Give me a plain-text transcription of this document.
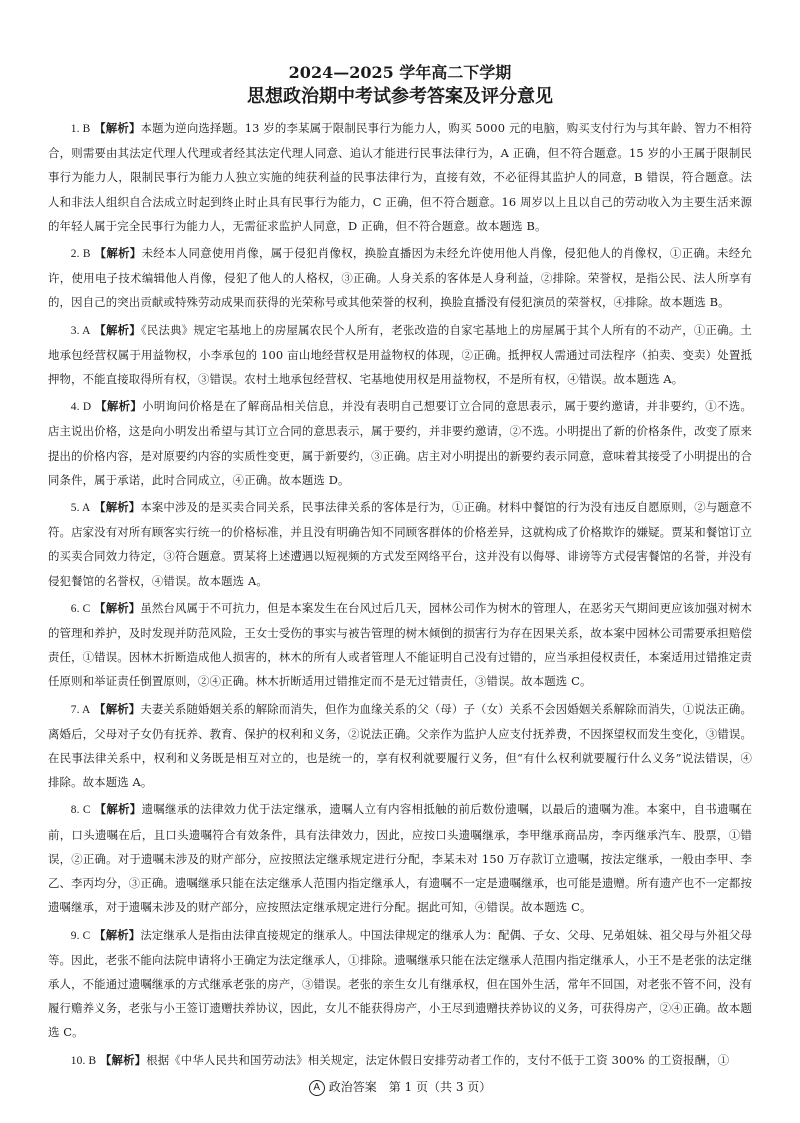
2024—2025 学年高二下学期

思想政治期中考试参考答案及评分意见

1. B 【解析】本题为逆向选择题。13 岁的李某属于限制民事行为能力人，购买 5000 元的电脑，购买支付行为与其年龄、智力不相符合，则需要由其法定代理人代理或者经其法定代理人同意、追认才能进行民事法律行为，A 正确，但不符合题意。15 岁的小王属于限制民事行为能力人，限制民事行为能力人独立实施的纯获利益的民事法律行为，直接有效，不必征得其监护人的同意，B 错误，符合题意。法人和非法人组织自合法成立时起到终止时止具有民事行为能力，C 正确，但不符合题意。16 周岁以上且以自己的劳动收入为主要生活来源的年轻人属于完全民事行为能力人，无需征求监护人同意，D 正确，但不符合题意。故本题选 B。

2. B 【解析】未经本人同意使用肖像，属于侵犯肖像权，换脸直播因为未经允许使用他人肖像，侵犯他人的肖像权，①正确。未经允许，使用电子技术编辑他人肖像，侵犯了他人的人格权，③正确。人身关系的客体是人身利益，②排除。荣誉权，是指公民、法人所享有的，因自己的突出贡献或特殊劳动成果而获得的光荣称号或其他荣誉的权利，换脸直播没有侵犯演员的荣誉权，④排除。故本题选 B。

3. A 【解析】《民法典》规定宅基地上的房屋属农民个人所有，老张改造的自家宅基地上的房屋属于其个人所有的不动产，①正确。土地承包经营权属于用益物权，小李承包的 100 亩山地经营权是用益物权的体现，②正确。抵押权人需通过司法程序（拍卖、变卖）处置抵押物，不能直接取得所有权，③错误。农村土地承包经营权、宅基地使用权是用益物权，不是所有权，④错误。故本题选 A。

4. D 【解析】小明询问价格是在了解商品相关信息，并没有表明自己想要订立合同的意思表示，属于要约邀请，并非要约，①不选。店主说出价格，这是向小明发出希望与其订立合同的意思表示，属于要约，并非要约邀请，②不选。小明提出了新的价格条件，改变了原来提出的价格内容，是对原要约内容的实质性变更，属于新要约，③正确。店主对小明提出的新要约表示同意，意味着其接受了小明提出的合同条件，属于承诺，此时合同成立，④正确。故本题选 D。

5. A 【解析】本案中涉及的是买卖合同关系，民事法律关系的客体是行为，①正确。材料中餐馆的行为没有违反自愿原则，②与题意不符。店家没有对所有顾客实行统一的价格标准，并且没有明确告知不同顾客群体的价格差异，这就构成了价格欺诈的嫌疑。贾某和餐馆订立的买卖合同效力待定，③符合题意。贾某将上述遭遇以短视频的方式发至网络平台，这并没有以侮辱、诽谤等方式侵害餐馆的名誉，并没有侵犯餐馆的名誉权，④错误。故本题选 A。

6. C 【解析】虽然台风属于不可抗力，但是本案发生在台风过后几天，园林公司作为树木的管理人，在恶劣天气期间更应该加强对树木的管理和养护，及时发现并防范风险，王女士受伤的事实与被告管理的树木倾倒的损害行为存在因果关系，故本案中园林公司需要承担赔偿责任，①错误。因林木折断造成他人损害的，林木的所有人或者管理人不能证明自己没有过错的，应当承担侵权责任，本案适用过错推定责任原则和举证责任倒置原则，②④正确。林木折断适用过错推定而不是无过错责任，③错误。故本题选 C。

7. A 【解析】夫妻关系随婚姻关系的解除而消失，但作为血缘关系的父（母）子（女）关系不会因婚姻关系解除而消失，①说法正确。离婚后，父母对子女仍有抚养、教育、保护的权利和义务，②说法正确。父亲作为监护人应支付抚养费，不因探望权而发生变化，③错误。在民事法律关系中，权利和义务既是相互对立的，也是统一的，享有权利就要履行义务，但“有什么权利就要履行什么义务”说法错误，④排除。故本题选 A。

8. C 【解析】遗嘱继承的法律效力优于法定继承，遗嘱人立有内容相抵触的前后数份遗嘱，以最后的遗嘱为准。本案中，自书遗嘱在前，口头遗嘱在后，且口头遗嘱符合有效条件，具有法律效力，因此，应按口头遗嘱继承，李甲继承商品房，李丙继承汽车、股票，①错误，②正确。对于遗嘱未涉及的财产部分，应按照法定继承规定进行分配，李某未对 150 万存款订立遗嘱，按法定继承，一般由李甲、李乙、李丙均分，③正确。遗嘱继承只能在法定继承人范围内指定继承人，有遗嘱不一定是遗嘱继承，也可能是遗赠。所有遗产也不一定都按遗嘱继承，对于遗嘱未涉及的财产部分，应按照法定继承规定进行分配。据此可知，④错误。故本题选 C。

9. C 【解析】法定继承人是指由法律直接规定的继承人。中国法律规定的继承人为：配偶、子女、父母、兄弟姐妹、祖父母与外祖父母等。因此，老张不能向法院申请将小王确定为法定继承人，①排除。遗嘱继承只能在法定继承人范围内指定继承人，小王不是老张的法定继承人，不能通过遗嘱继承的方式继承老张的房产，③错误。老张的亲生女儿有继承权，但在国外生活，常年不回国，对老张不管不问，没有履行赡养义务，老张与小王签订遗赠扶养协议，因此，女儿不能获得房产，小王尽到遗赠扶养协议的义务，可获得房产，②④正确。故本题选 C。

10. B 【解析】根据《中华人民共和国劳动法》相关规定，法定休假日安排劳动者工作的，支付不低于工资 300% 的工资报酬，①

A 政治答案　第 1 页（共 3 页）
